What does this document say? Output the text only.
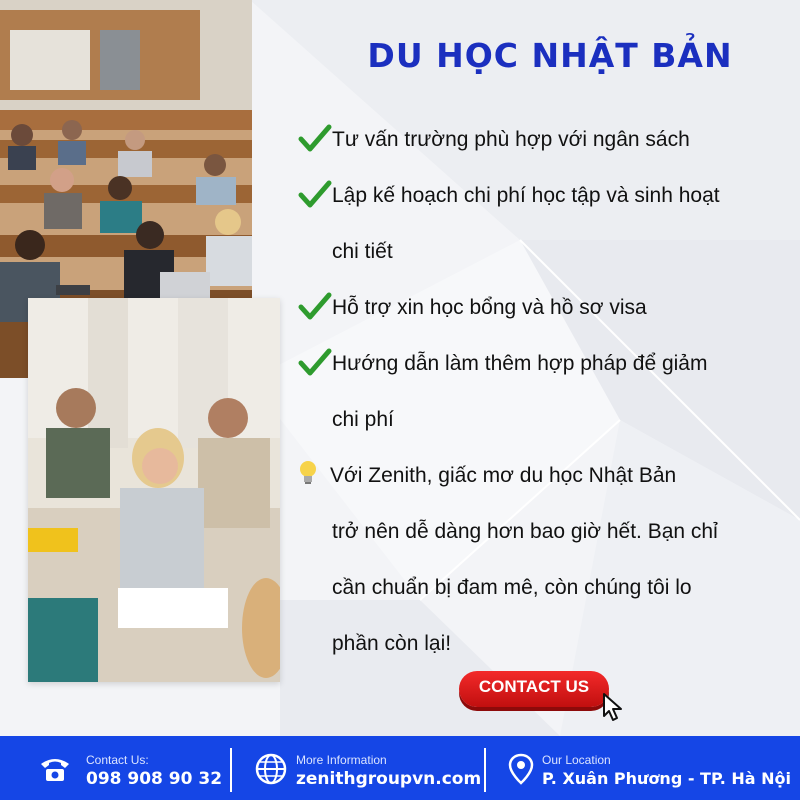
DU HỌC NHẬT BẢN
Tư vấn trường phù hợp với ngân sách
Lập kế hoạch chi phí học tập và sinh hoạt
chi tiết
Hỗ trợ xin học bổng và hồ sơ visa
Hướng dẫn làm thêm hợp pháp để giảm
chi phí
Với Zenith, giấc mơ du học Nhật Bản
trở nên dễ dàng hơn bao giờ hết. Bạn chỉ
cần chuẩn bị đam mê, còn chúng tôi lo
phần còn lại!
CONTACT US
Contact Us:
098 908 90 32
More Information
zenithgroupvn.com
Our Location
P. Xuân Phương - TP. Hà Nội
